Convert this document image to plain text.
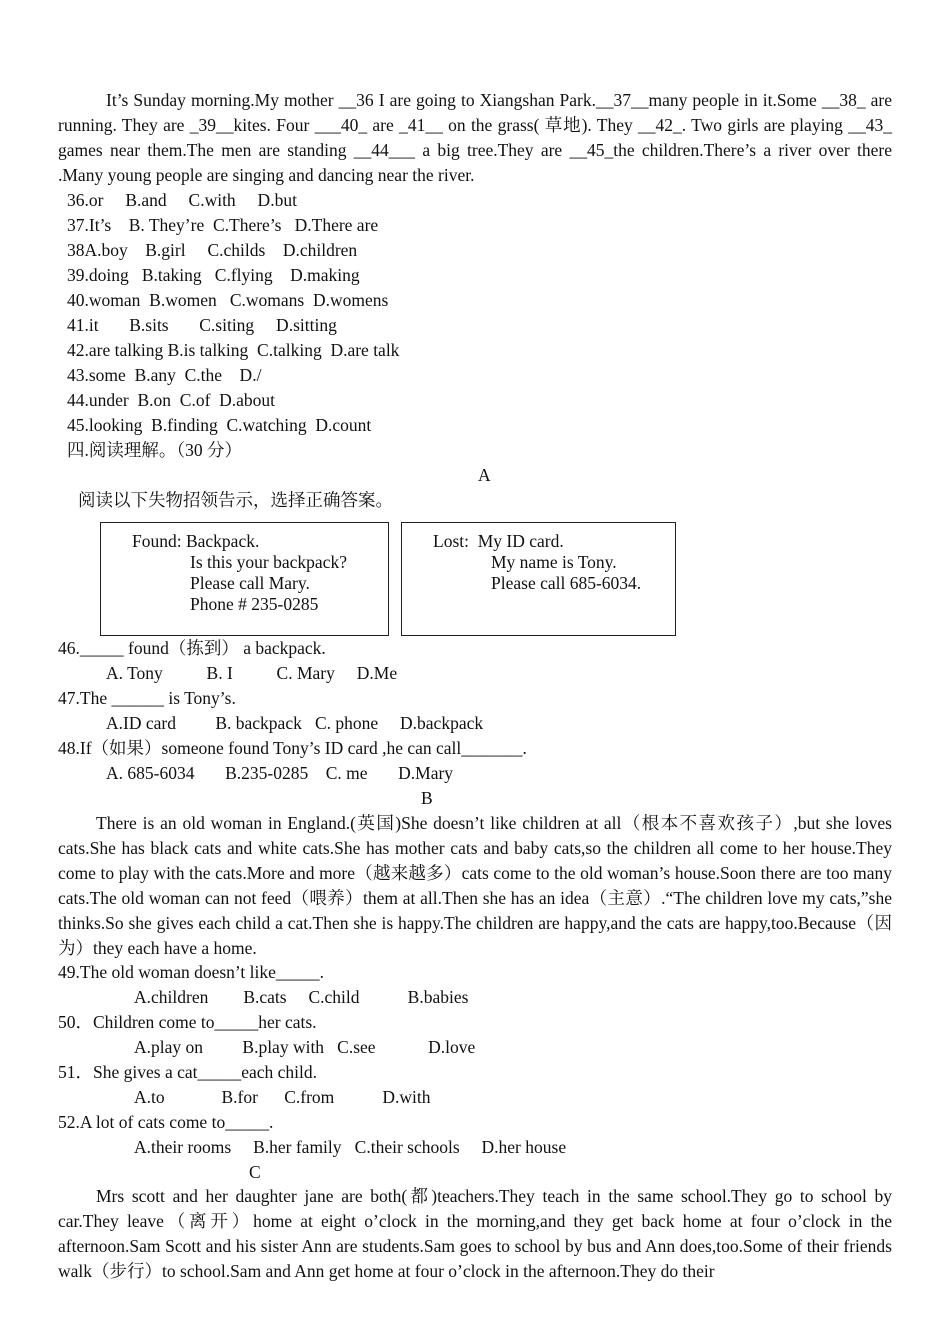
It’s Sunday morning.My mother __36 I are going to Xiangshan Park.__37__many people in it.Some __38_ are running. They are _39__kites. Four ___40_ are _41__ on the grass( 草地). They __42_. Two girls are playing __43_ games near them.The men are standing __44___ a big tree.They are __45_the children.There’s a river over there .Many young people are singing and dancing near the river.

36.or     B.and     C.with     D.but
37.It’s    B. They’re  C.There’s   D.There are
38A.boy    B.girl     C.childs    D.children
39.doing   B.taking   C.flying    D.making
40.woman  B.women   C.womans  D.womens
41.it       B.sits       C.siting     D.sitting
42.are talking B.is talking  C.talking  D.are talk
43.some  B.any  C.the    D./
44.under  B.on  C.of  D.about
45.looking  B.finding  C.watching  D.count
四.阅读理解。（30 分）
A
阅读以下失物招领告示，选择正确答案。
Found: Backpack.
Is this your backpack?
Please call Mary.
Phone # 235-0285
Lost:  My ID card.
My name is Tony.
Please call 685-6034.
46._____ found（拣到） a backpack.
A. Tony          B. I          C. Mary     D.Me
47.The ______ is Tony’s.
A.ID card         B. backpack   C. phone     D.backpack
48.If（如果）someone found Tony’s ID card ,he can call_______.
A. 685-6034       B.235-0285    C. me       D.Mary
B

There is an old woman in England.(英国)She doesn’t like children at all（根本不喜欢孩子）,but she loves cats.She has black cats and white cats.She has mother cats and baby cats,so the children all come to her house.They come to play with the cats.More and more（越来越多）cats come to the old woman’s house.Soon there are too many cats.The old woman can not feed（喂养）them at all.Then she has an idea（主意）.“The children love my cats,”she thinks.So she gives each child a cat.Then she is happy.The children are happy,and the cats are happy,too.Because（因为）they each have a home.

49.The old woman doesn’t like_____.
A.children        B.cats     C.child           B.babies
50．Children come to_____her cats.
A.play on         B.play with   C.see            D.love
51．She gives a cat_____each child.
A.to             B.for      C.from           D.with
52.A lot of cats come to_____.
A.their rooms     B.her family   C.their schools     D.her house
C

Mrs scott and her daughter jane are both(都)teachers.They teach in the same school.They go to school by car.They leave（离开）home at eight o’clock in the morning,and they get back home at four o’clock in the afternoon.Sam Scott and his sister Ann are students.Sam goes to school by bus and Ann does,too.Some of their friends walk（步行）to school.Sam and Ann get home at four o’clock in the afternoon.They do their
